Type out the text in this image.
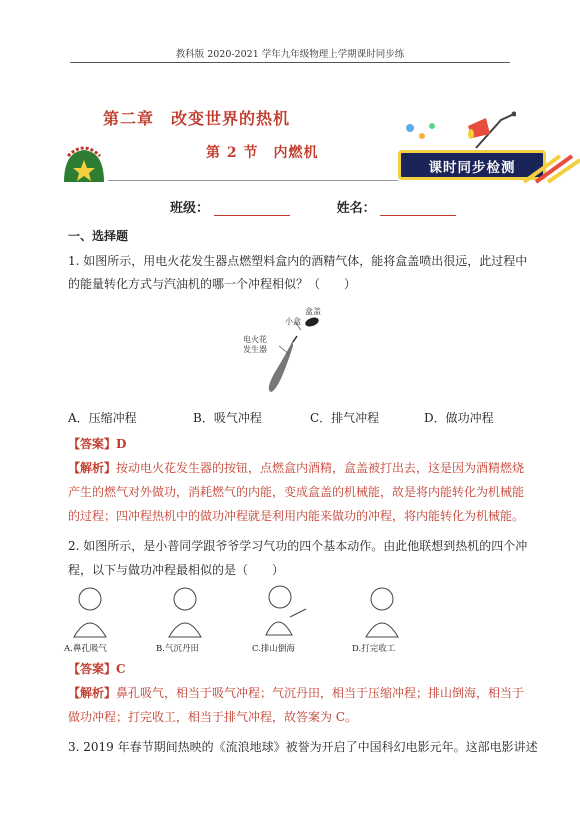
教科版 2020-2021 学年九年级物理上学期课时同步练
第二章　改变世界的热机
第 2 节　内燃机
课时同步检测
班级：	姓名：
一、选择题
1. 如图所示，用电火花发生器点燃塑料盒内的酒精气体，能将盒盖喷出很远，此过程中
的能量转化方式与汽油机的哪一个冲程相似？（　　）
盒盖
小盒
电火花
发生器
A．压缩冲程	B．吸气冲程	C．排气冲程	D．做功冲程
【答案】D
【解析】按动电火花发生器的按钮，点燃盒内酒精，盒盖被打出去，这是因为酒精燃烧
产生的燃气对外做功，消耗燃气的内能，变成盒盖的机械能，故是将内能转化为机械能
的过程；四冲程热机中的做功冲程就是利用内能来做功的冲程，将内能转化为机械能。
2. 如图所示，是小普同学跟爷爷学习气功的四个基本动作。由此他联想到热机的四个冲
程，以下与做功冲程最相似的是（　　）
A.鼻孔吸气	B.气沉丹田	C.排山倒海	D.打完收工
【答案】C
【解析】鼻孔吸气，相当于吸气冲程；气沉丹田，相当于压缩冲程；排山倒海，相当于
做功冲程；打完收工，相当于排气冲程，故答案为 C。
3. 2019 年春节期间热映的《流浪地球》被誉为开启了中国科幻电影元年。这部电影讲述
